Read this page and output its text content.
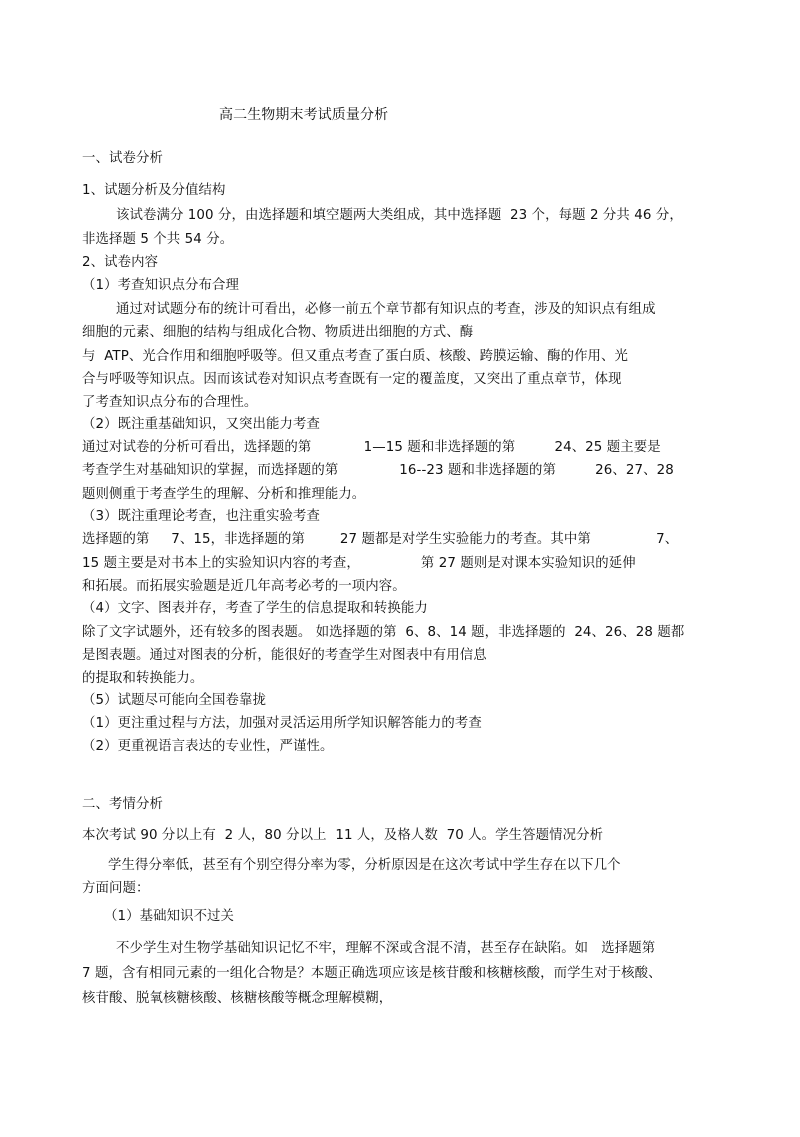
高二生物期末考试质量分析
一、试卷分析
1、试题分析及分值结构
该试卷满分 100 分，由选择题和填空题两大类组成，其中选择题  23 个，每题 2 分共 46 分，
非选择题 5 个共 54 分。
2、试卷内容
（1）考查知识点分布合理
通过对试题分布的统计可看出，必修一前五个章节都有知识点的考查，涉及的知识点有组成
细胞的元素、细胞的结构与组成化合物、物质进出细胞的方式、酶
与  ATP、光合作用和细胞呼吸等。但又重点考查了蛋白质、核酸、跨膜运输、酶的作用、光
合与呼吸等知识点。因而该试卷对知识点考查既有一定的覆盖度，又突出了重点章节，体现
了考查知识点分布的合理性。
（2）既注重基础知识，又突出能力考查
通过对试卷的分析可看出，选择题的第            1—15 题和非选择题的第         24、25 题主要是
考查学生对基础知识的掌握，而选择题的第              16--23 题和非选择题的第         26、27、28
题则侧重于考查学生的理解、分析和推理能力。
（3）既注重理论考查，也注重实验考查
选择题的第     7、15，非选择题的第        27 题都是对学生实验能力的考查。其中第               7、
15 题主要是对书本上的实验知识内容的考查，              第 27 题则是对课本实验知识的延伸
和拓展。而拓展实验题是近几年高考必考的一项内容。
（4）文字、图表并存，考查了学生的信息提取和转换能力
除了文字试题外，还有较多的图表题。 如选择题的第  6、8、14 题，非选择题的  24、26、28 题都
是图表题。通过对图表的分析，能很好的考查学生对图表中有用信息
的提取和转换能力。
（5）试题尽可能向全国卷靠拢
（1）更注重过程与方法，加强对灵活运用所学知识解答能力的考查
（2）更重视语言表达的专业性，严谨性。
二、考情分析
本次考试 90 分以上有  2 人，80 分以上  11 人，及格人数  70 人。学生答题情况分析
学生得分率低，甚至有个别空得分率为零，分析原因是在这次考试中学生存在以下几个
方面问题：
（1）基础知识不过关
不少学生对生物学基础知识记忆不牢，理解不深或含混不清，甚至存在缺陷。如   选择题第
7 题，含有相同元素的一组化合物是？本题正确选项应该是核苷酸和核糖核酸，而学生对于核酸、
核苷酸、脱氧核糖核酸、核糖核酸等概念理解模糊，
